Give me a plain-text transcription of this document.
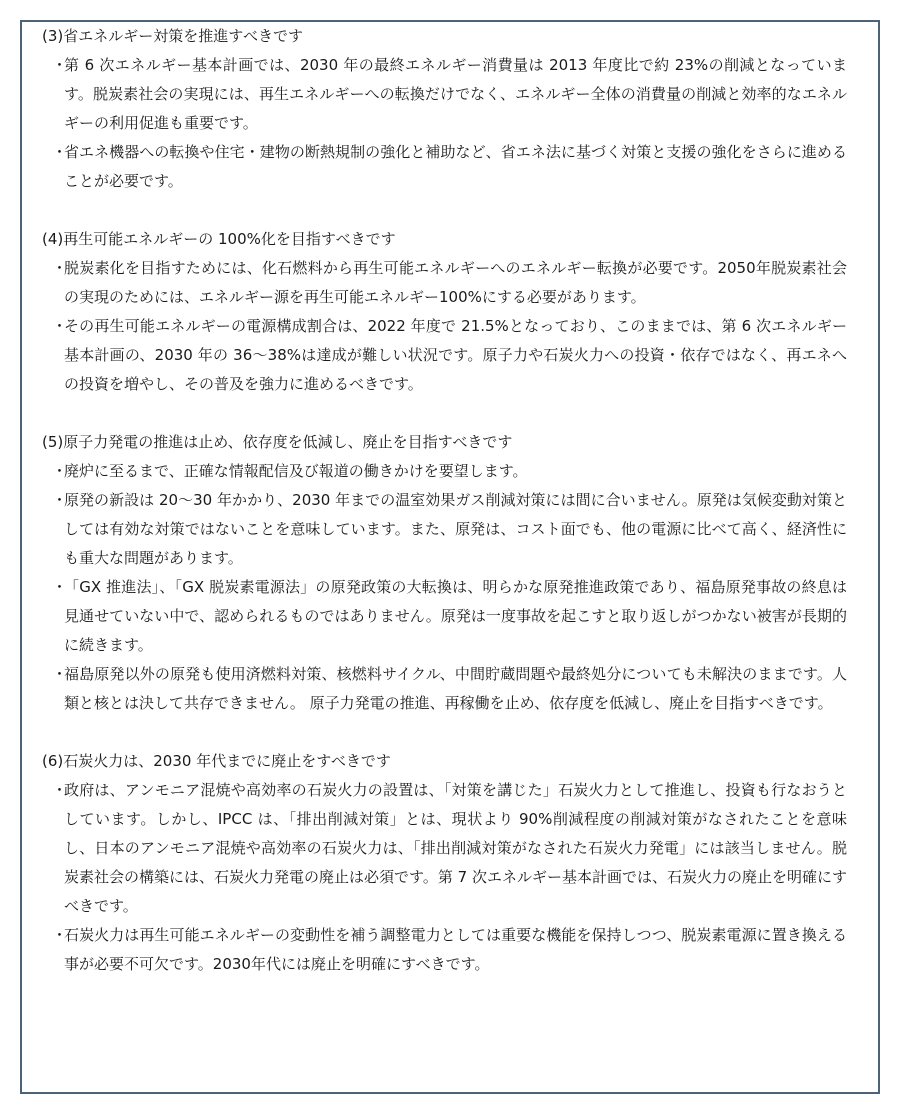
(3)省エネルギー対策を推進すべきです

・
第 6 次エネルギー基本計画では、2030 年の最終エネルギー消費量は 2013 年度比で約 23%の削減となっています。脱炭素社会の実現には、再生エネルギーへの転換だけでなく、エネルギー全体の消費量の削減と効率的なエネルギーの利用促進も重要です。

・
省エネ機器への転換や住宅・建物の断熱規制の強化と補助など、省エネ法に基づく対策と支援の強化をさらに進めることが必要です。

(4)再生可能エネルギーの 100%化を目指すべきです

・
脱炭素化を目指すためには、化石燃料から再生可能エネルギーへのエネルギー転換が必要です。2050年脱炭素社会の実現のためには、エネルギー源を再生可能エネルギー100%にする必要があります。

・
その再生可能エネルギーの電源構成割合は、2022 年度で 21.5%となっており、このままでは、第 6 次エネルギー基本計画の、2030 年の 36～38%は達成が難しい状況です。原子力や石炭火力への投資・依存ではなく、再エネへの投資を増やし、その普及を強力に進めるべきです。

(5)原子力発電の推進は止め、依存度を低減し、廃止を目指すべきです

・
廃炉に至るまで、正確な情報配信及び報道の働きかけを要望します。

・
原発の新設は 20～30 年かかり、2030 年までの温室効果ガス削減対策には間に合いません。原発は気候変動対策としては有効な対策ではないことを意味しています。また、原発は、コスト面でも、他の電源に比べて高く、経済性にも重大な問題があります。

・
「GX 推進法」、「GX 脱炭素電源法」の原発政策の大転換は、明らかな原発推進政策であり、福島原発事故の終息は見通せていない中で、認められるものではありません。原発は一度事故を起こすと取り返しがつかない被害が長期的に続きます。

・
福島原発以外の原発も使用済燃料対策、核燃料サイクル、中間貯蔵問題や最終処分についても未解決のままです。人類と核とは決して共存できません。 原子力発電の推進、再稼働を止め、依存度を低減し、廃止を目指すべきです。

(6)石炭火力は、2030 年代までに廃止をすべきです

・
政府は、アンモニア混焼や高効率の石炭火力の設置は、「対策を講じた」石炭火力として推進し、投資も行なおうとしています。しかし、IPCC は、「排出削減対策」とは、現状より 90%削減程度の削減対策がなされたことを意味し、日本のアンモニア混焼や高効率の石炭火力は、「排出削減対策がなされた石炭火力発電」には該当しません。脱炭素社会の構築には、石炭火力発電の廃止は必須です。第 7 次エネルギー基本計画では、石炭火力の廃止を明確にすべきです。

・
石炭火力は再生可能エネルギーの変動性を補う調整電力としては重要な機能を保持しつつ、脱炭素電源に置き換える事が必要不可欠です。2030年代には廃止を明確にすべきです。
